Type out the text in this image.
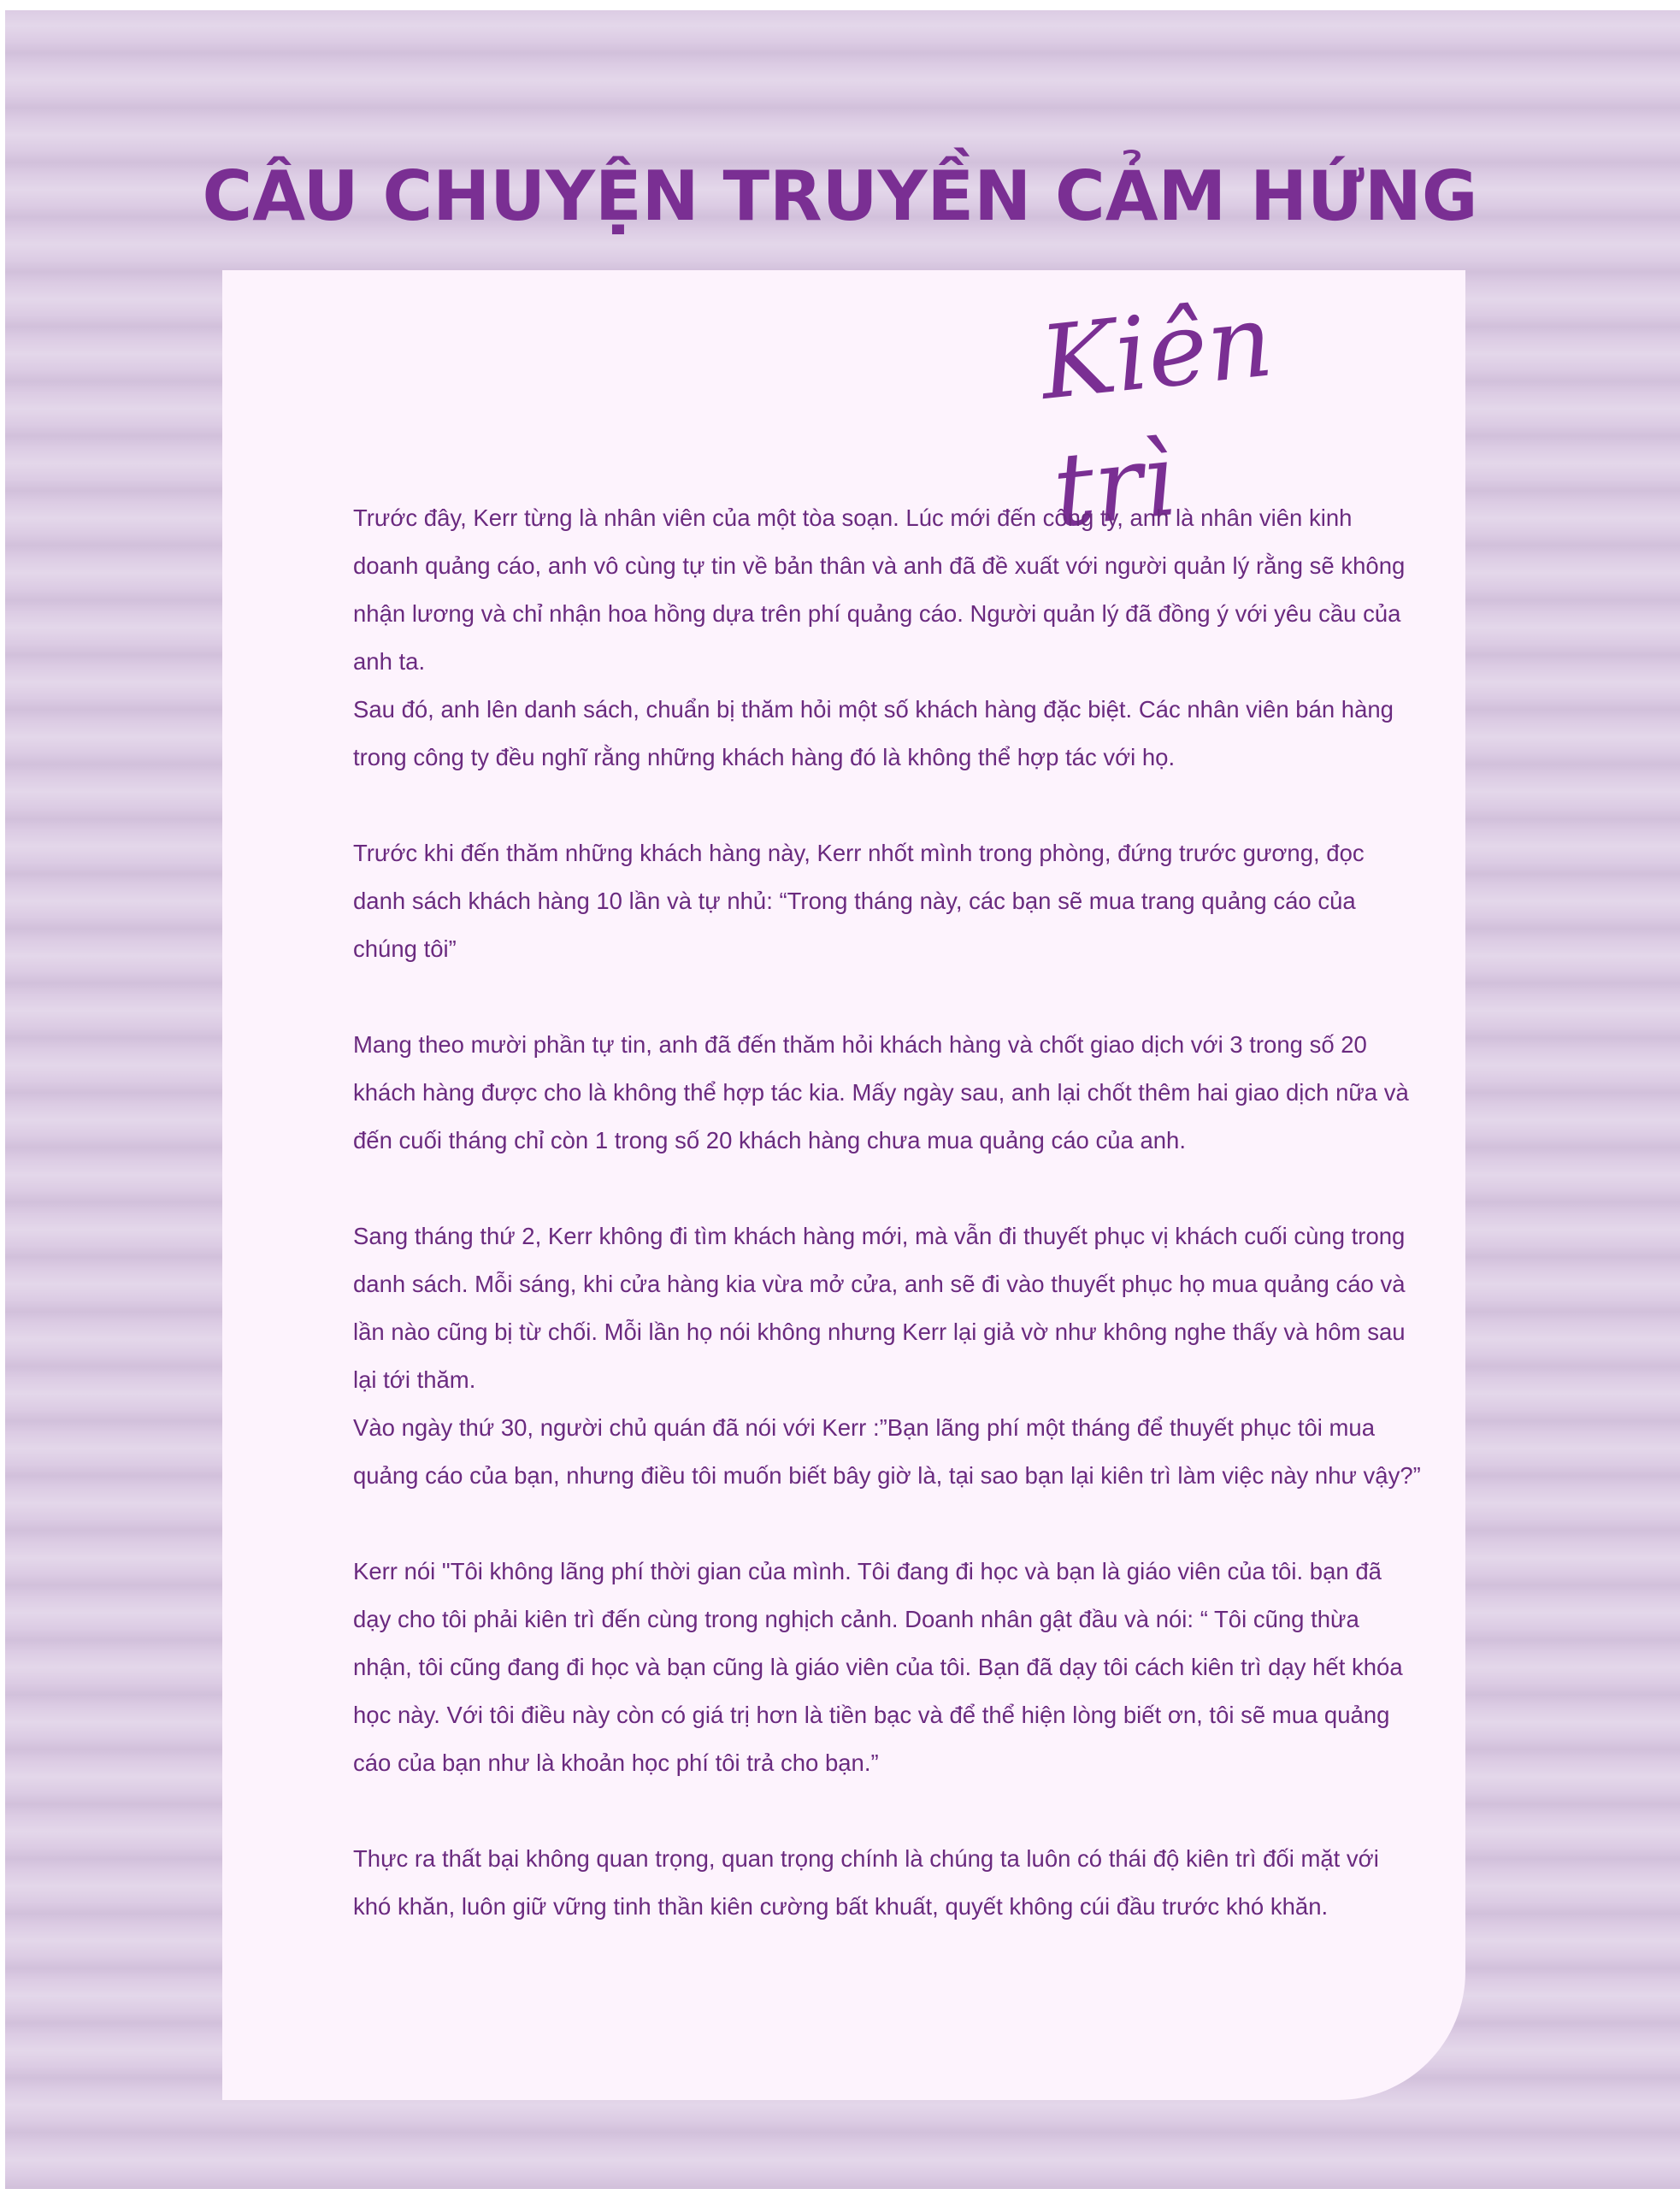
CÂU CHUYỆN TRUYỀN CẢM HỨNG
Kiên trì

Trước đây, Kerr từng là nhân viên của một tòa soạn. Lúc mới đến công ty, anh là nhân viên kinh doanh quảng cáo, anh vô cùng tự tin về bản thân và anh đã đề xuất với người quản lý rằng sẽ không nhận lương và chỉ nhận hoa hồng dựa trên phí quảng cáo. Người quản lý đã đồng ý với yêu cầu của anh ta.

Sau đó, anh lên danh sách, chuẩn bị thăm hỏi một số khách hàng đặc biệt. Các nhân viên bán hàng trong công ty đều nghĩ rằng những khách hàng đó là không thể hợp tác với họ.

Trước khi đến thăm những khách hàng này, Kerr nhốt mình trong phòng, đứng trước gương, đọc danh sách khách hàng 10 lần và tự nhủ: “Trong tháng này, các bạn sẽ mua trang quảng cáo của chúng tôi”

Mang theo mười phần tự tin, anh đã đến thăm hỏi khách hàng và chốt giao dịch với 3 trong số 20 khách hàng được cho là không thể hợp tác kia. Mấy ngày sau, anh lại chốt thêm hai giao dịch nữa và đến cuối tháng chỉ còn 1 trong số 20 khách hàng chưa mua quảng cáo của anh.

Sang tháng thứ 2, Kerr không đi tìm khách hàng mới, mà vẫn đi thuyết phục vị khách cuối cùng trong danh sách. Mỗi sáng, khi cửa hàng kia vừa mở cửa, anh sẽ đi vào thuyết phục họ mua quảng cáo và lần nào cũng bị từ chối. Mỗi lần họ nói không nhưng Kerr lại giả vờ như không nghe thấy và hôm sau lại tới thăm.

Vào ngày thứ 30, người chủ quán đã nói với Kerr :”Bạn lãng phí một tháng để thuyết phục tôi mua quảng cáo của bạn, nhưng điều tôi muốn biết bây giờ là, tại sao bạn lại kiên trì làm việc này như vậy?”

Kerr nói "Tôi không lãng phí thời gian của mình. Tôi đang đi học và bạn là giáo viên của tôi. bạn đã dạy cho tôi phải kiên trì đến cùng trong nghịch cảnh. Doanh nhân gật đầu và nói: “ Tôi cũng thừa nhận, tôi cũng đang đi học và bạn cũng là giáo viên của tôi. Bạn đã dạy tôi cách kiên trì dạy hết khóa học này. Với tôi điều này còn có giá trị hơn là tiền bạc và để thể hiện lòng biết ơn, tôi sẽ mua quảng cáo của bạn như là khoản học phí tôi trả cho bạn.”

Thực ra thất bại không quan trọng, quan trọng chính là chúng ta luôn có thái độ kiên trì đối mặt với khó khăn, luôn giữ vững tinh thần kiên cường bất khuất, quyết không cúi đầu trước khó khăn.
